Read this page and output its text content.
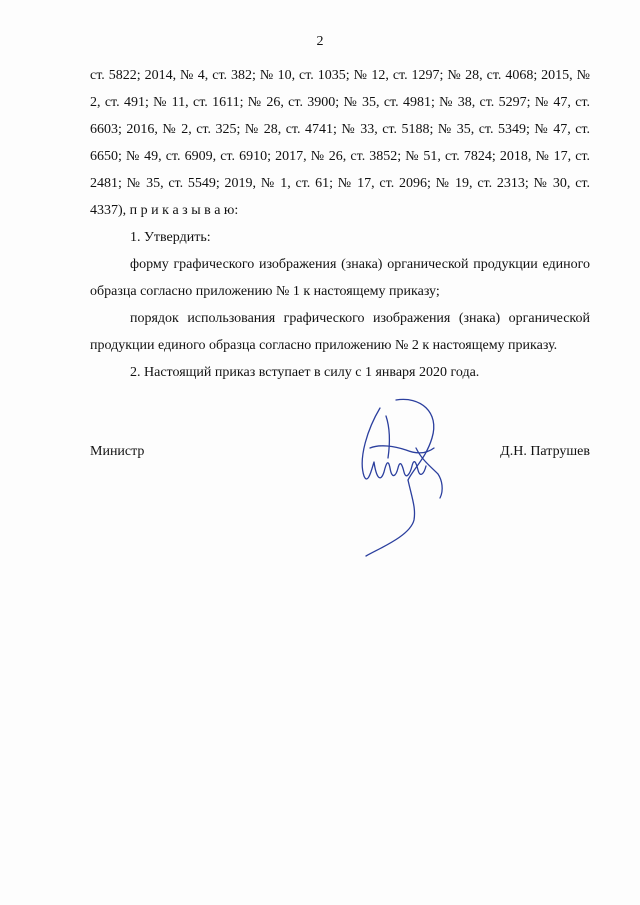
2

ст. 5822; 2014, № 4, ст. 382; № 10, ст. 1035; № 12, ст. 1297; № 28, ст. 4068; 2015, № 2, ст. 491; № 11, ст. 1611; № 26, ст. 3900; № 35, ст. 4981; № 38, ст. 5297; № 47, ст. 6603; 2016, № 2, ст. 325; № 28, ст. 4741; № 33, ст. 5188; № 35, ст. 5349; № 47, ст. 6650; № 49, ст. 6909, ст. 6910; 2017, № 26, ст. 3852; № 51, ст. 7824; 2018, № 17, ст. 2481; № 35, ст. 5549; 2019, № 1, ст. 61; № 17, ст. 2096; № 19, ст. 2313; № 30, ст. 4337), п р и к а з ы в а ю:

1. Утвердить:

форму графического изображения (знака) органической продукции единого образца согласно приложению № 1 к настоящему приказу;

порядок использования графического изображения (знака) органической продукции единого образца согласно приложению № 2 к настоящему приказу.

2. Настоящий приказ вступает в силу с 1 января 2020 года.

Министр	Д.Н. Патрушев
